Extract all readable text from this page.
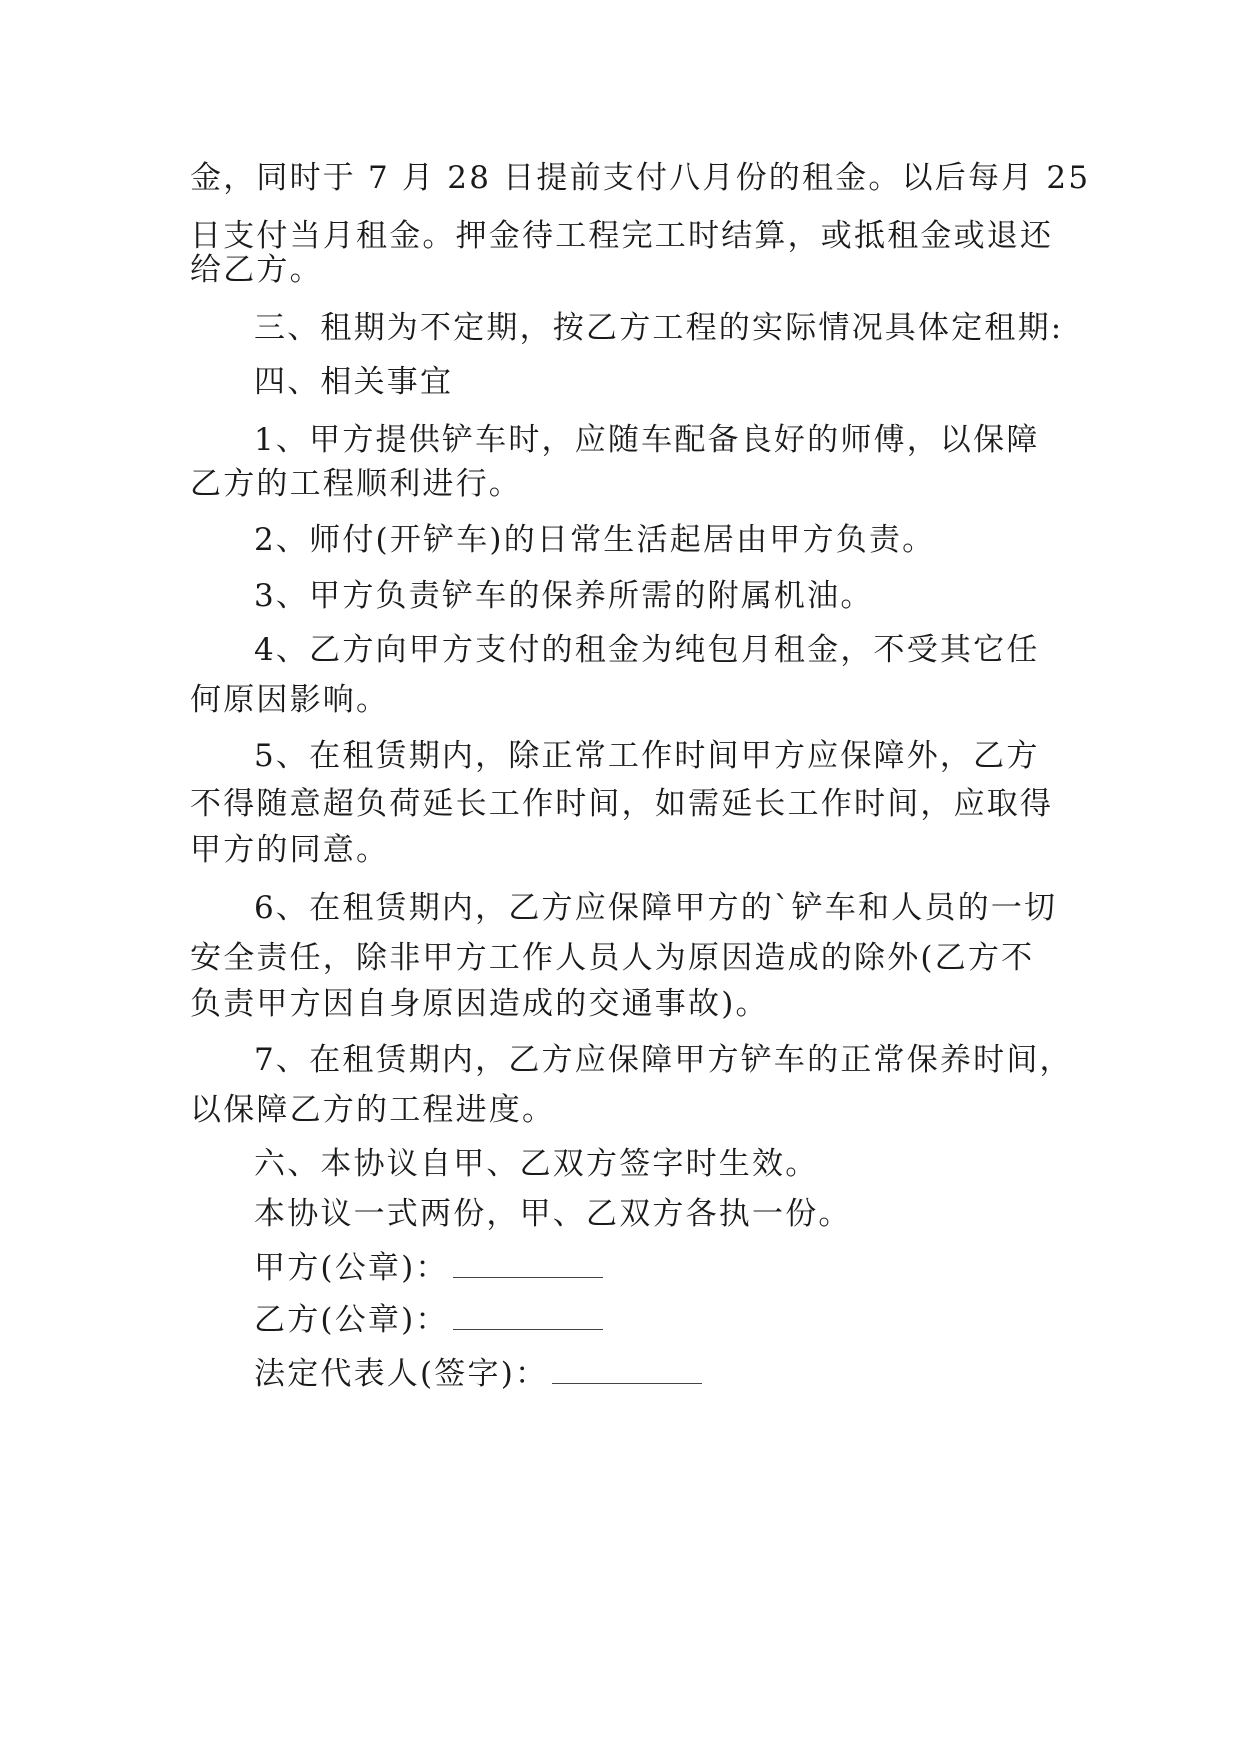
金，同时于 7 月 28 日提前支付八月份的租金。以后每月 25
日支付当月租金。押金待工程完工时结算，或抵租金或退还
给乙方。
三、租期为不定期，按乙方工程的实际情况具体定租期:
四、相关事宜
1、甲方提供铲车时，应随车配备良好的师傅，以保障
乙方的工程顺利进行。
2、师付(开铲车)的日常生活起居由甲方负责。
3、甲方负责铲车的保养所需的附属机油。
4、乙方向甲方支付的租金为纯包月租金，不受其它任
何原因影响。
5、在租赁期内，除正常工作时间甲方应保障外，乙方
不得随意超负荷延长工作时间，如需延长工作时间，应取得
甲方的同意。
6、在租赁期内，乙方应保障甲方的`铲车和人员的一切
安全责任，除非甲方工作人员人为原因造成的除外(乙方不
负责甲方因自身原因造成的交通事故)。
7、在租赁期内，乙方应保障甲方铲车的正常保养时间，
以保障乙方的工程进度。
六、本协议自甲、乙双方签字时生效。
本协议一式两份，甲、乙双方各执一份。
甲方(公章)：
乙方(公章)：
法定代表人(签字)：
